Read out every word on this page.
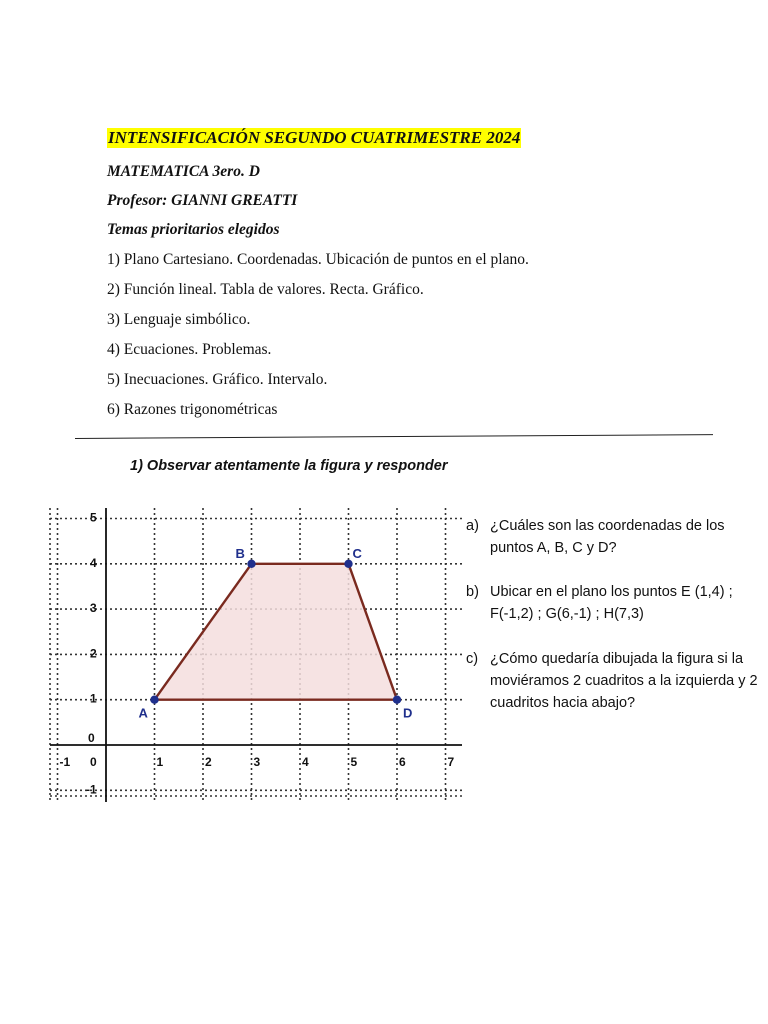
INTENSIFICACIÓN SEGUNDO CUATRIMESTRE 2024
MATEMATICA 3ero. D
Profesor: GIANNI GREATTI
Temas prioritarios elegidos
1) Plano Cartesiano. Coordenadas. Ubicación de puntos en el plano.
2) Función lineal. Tabla de valores. Recta. Gráfico.
3) Lenguaje simbólico.
4) Ecuaciones. Problemas.
5) Inecuaciones. Gráfico. Intervalo.
6) Razones trigonométricas
1) Observar atentamente la figura y responder
-1 0	1	2	3	4	5	6	7
-1
0
1
2
3
4
5
A
B	C
D
a) ¿Cuáles son las coordenadas de los puntos A, B, C y D?
b) Ubicar en el plano los puntos E (1,4) ; F(-1,2) ; G(6,-1) ; H(7,3)
c) ¿Cómo quedaría dibujada la figura si la moviéramos 2 cuadritos a la izquierda y 2 cuadritos hacia abajo?
